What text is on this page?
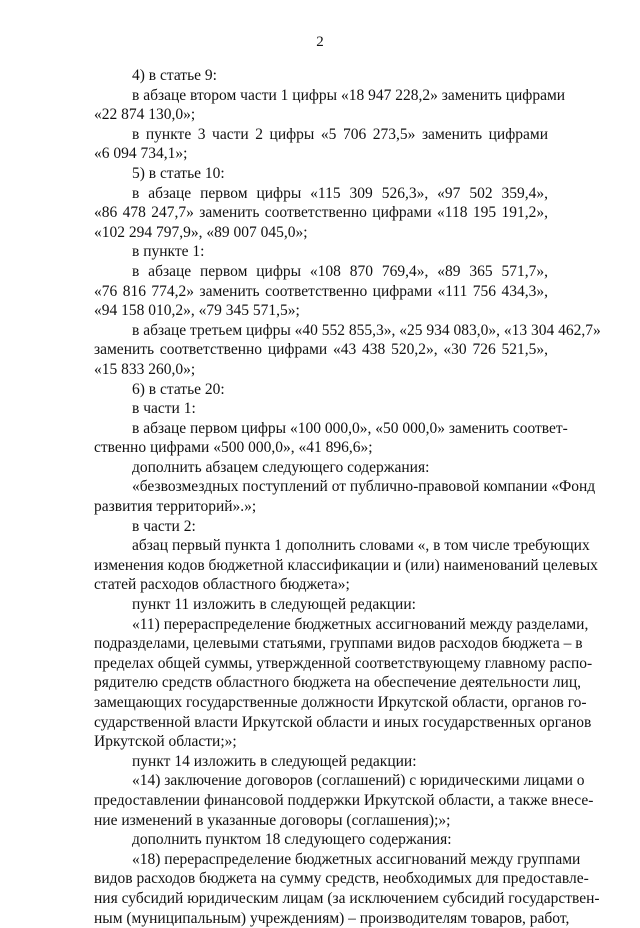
2
4) в статье 9:
в абзаце втором части 1 цифры «18 947 228,2» заменить цифрами
«22 874 130,0»;
в пункте 3 части 2 цифры «5 706 273,5» заменить цифрами
«6 094 734,1»;
5) в статье 10:
в абзаце первом цифры «115 309 526,3», «97 502 359,4»,
«86 478 247,7» заменить соответственно цифрами «118 195 191,2»,
«102 294 797,9», «89 007 045,0»;
в пункте 1:
в абзаце первом цифры «108 870 769,4», «89 365 571,7»,
«76 816 774,2» заменить соответственно цифрами «111 756 434,3»,
«94 158 010,2», «79 345 571,5»;
в абзаце третьем цифры «40 552 855,3», «25 934 083,0», «13 304 462,7»
заменить соответственно цифрами «43 438 520,2», «30 726 521,5»,
«15 833 260,0»;
6) в статье 20:
в части 1:
в абзаце первом цифры «100 000,0», «50 000,0» заменить соответ-
ственно цифрами «500 000,0», «41 896,6»;
дополнить абзацем следующего содержания:
«безвозмездных поступлений от публично-правовой компании «Фонд
развития территорий».»;
в части 2:
абзац первый пункта 1 дополнить словами «, в том числе требующих
изменения кодов бюджетной классификации и (или) наименований целевых
статей расходов областного бюджета»;
пункт 11 изложить в следующей редакции:
«11) перераспределение бюджетных ассигнований между разделами,
подразделами, целевыми статьями, группами видов расходов бюджета – в
пределах общей суммы, утвержденной соответствующему главному распо-
рядителю средств областного бюджета на обеспечение деятельности лиц,
замещающих государственные должности Иркутской области, органов го-
сударственной власти Иркутской области и иных государственных органов
Иркутской области;»;
пункт 14 изложить в следующей редакции:
«14) заключение договоров (соглашений) с юридическими лицами о
предоставлении финансовой поддержки Иркутской области, а также внесе-
ние изменений в указанные договоры (соглашения);»;
дополнить пунктом 18 следующего содержания:
«18) перераспределение бюджетных ассигнований между группами
видов расходов бюджета на сумму средств, необходимых для предоставле-
ния субсидий юридическим лицам (за исключением субсидий государствен-
ным (муниципальным) учреждениям) – производителям товаров, работ,
